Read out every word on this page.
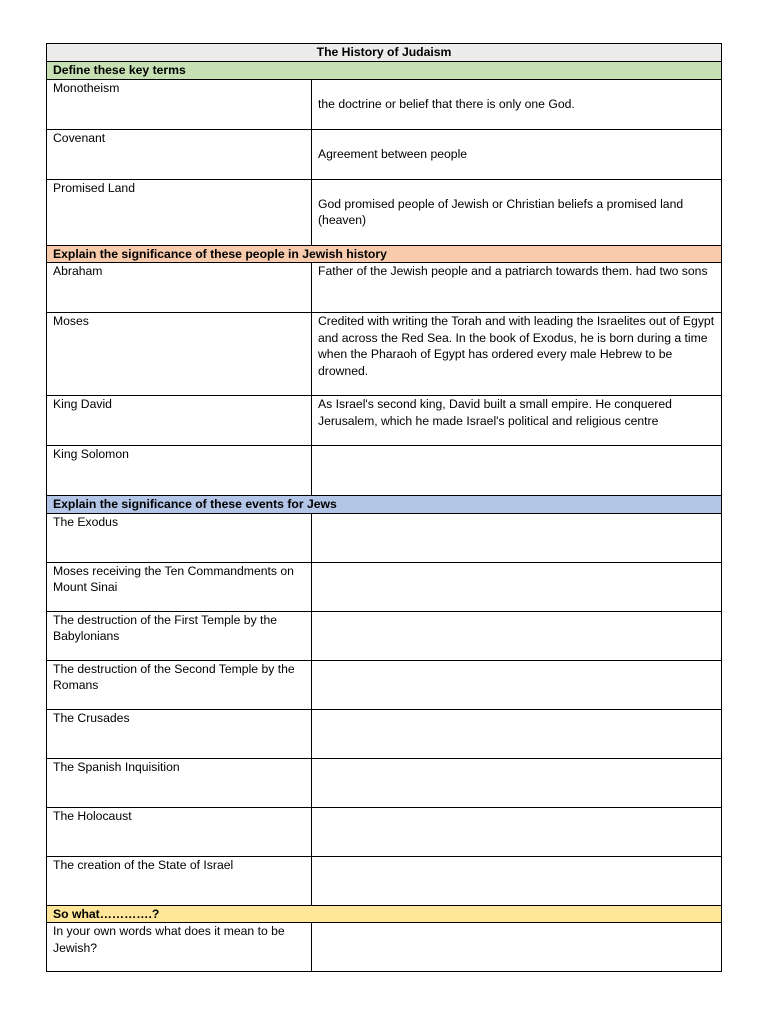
The History of Judaism	
Define these key terms	
Monotheism	the doctrine or belief that there is only one God.
Covenant	Agreement between people
Promised Land	God promised people of Jewish or Christian beliefs a promised land (heaven)
Explain the significance of these people in Jewish history	
Abraham	Father of the Jewish people and a patriarch towards them. had two sons
Moses	Credited with writing the Torah and with leading the Israelites out of Egypt and across the Red Sea. In the book of Exodus, he is born during a time when the Pharaoh of Egypt has ordered every male Hebrew to be drowned.
King David	As Israel's second king, David built a small empire. He conquered Jerusalem, which he made Israel's political and religious centre
King Solomon	
Explain the significance of these events for Jews	
The Exodus	
Moses receiving the Ten Commandments on Mount Sinai	
The destruction of the First Temple by the Babylonians	
The destruction of the Second Temple by the Romans	
The Crusades	
The Spanish Inquisition	
The Holocaust	
The creation of the State of Israel	
So what………….?	
In your own words what does it mean to be Jewish?	
